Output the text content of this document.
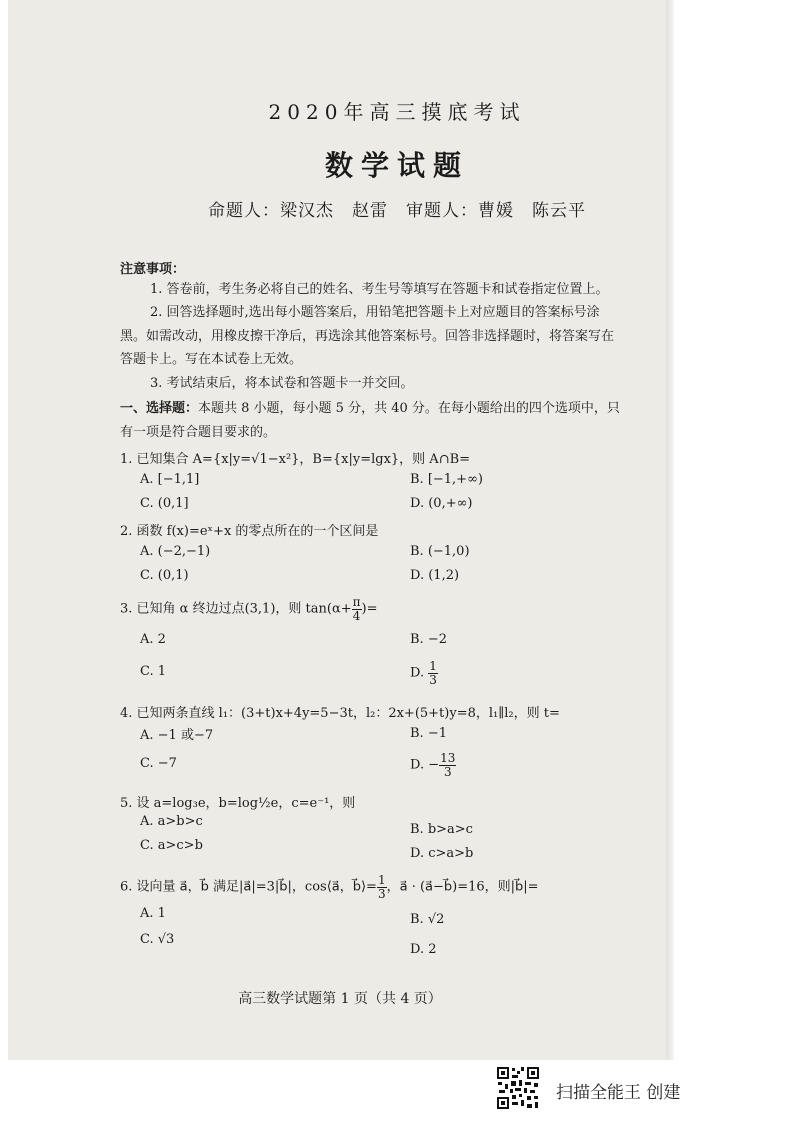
2020年高三摸底考试
数学试题
命题人：梁汉杰　赵雷　审题人：曹媛　陈云平
注意事项：
1. 答卷前，考生务必将自己的姓名、考生号等填写在答题卡和试卷指定位置上。
2. 回答选择题时,选出每小题答案后，用铅笔把答题卡上对应题目的答案标号涂
黑。如需改动，用橡皮擦干净后，再选涂其他答案标号。回答非选择题时，将答案写在
答题卡上。写在本试卷上无效。
3. 考试结束后，将本试卷和答题卡一并交回。
一、选择题：本题共 8 小题，每小题 5 分，共 40 分。在每小题给出的四个选项中，只
有一项是符合题目要求的。
1. 已知集合 A={x|y=√1−x²}，B={x|y=lgx}，则 A∩B=
A. [−1,1]	B. [−1,+∞)
C. (0,1]	D. (0,+∞)
2. 函数 f(x)=eˣ+x 的零点所在的一个区间是
A. (−2,−1)	B. (−1,0)
C. (0,1)	D. (1,2)
3. 已知角 α 终边过点(3,1)，则 $\tan(\alpha+ \frac{\pi}{4}$ )=
A. 2	B. −2
C. 1	D. $\frac{1}{3}$
4. 已知两条直线 l₁：(3+t)x+4y=5−3t，l₂：2x+(5+t)y=8，l₁∥l₂，则 t=
A. −1 或−7	B. −1
C. −7	D. − $\frac{13}{3}$
5. 设 a=log₃e，b=log½e，c=e⁻¹，则
A. a>b>c
B. b>a>c
C. a>c>b
D. c>a>b
6. 设向量 a⃗，b⃗ 满足|a⃗|=3|b⃗|，cos⟨a⃗，b⃗⟩= $\frac{1}{3}$ ，a⃗ · (a⃗−b⃗)=16，则|b⃗|=
A. 1	B. √2
C. √3
D. 2
高三数学试题第 1 页（共 4 页）
扫描全能王 创建
